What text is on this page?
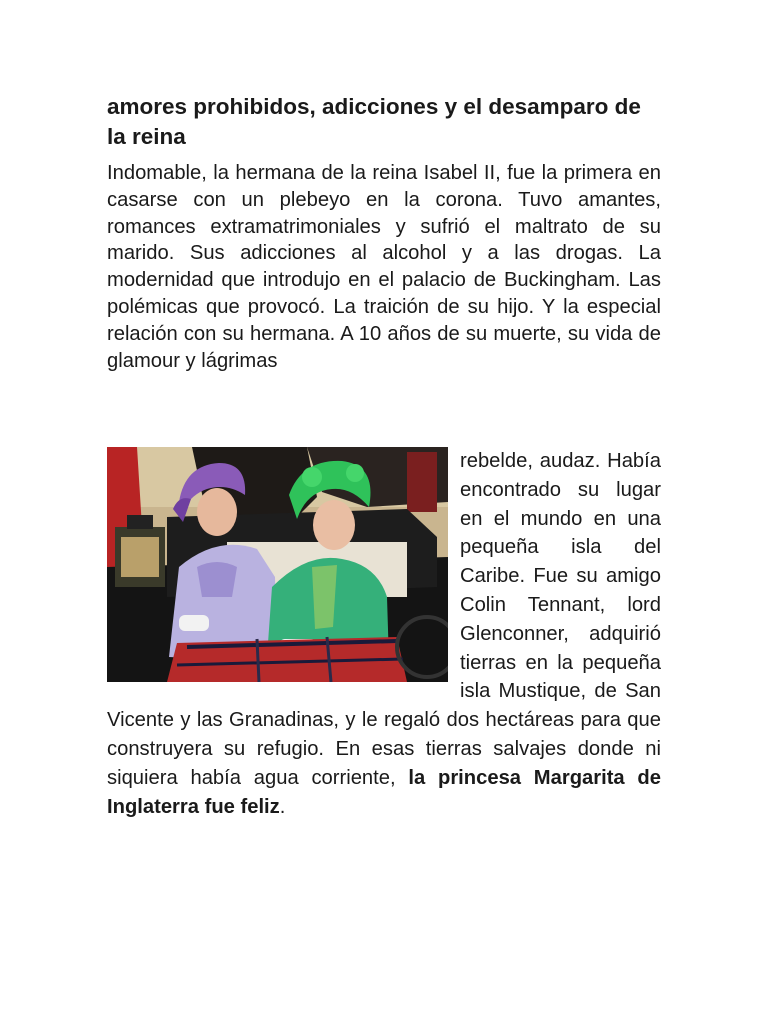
amores prohibidos, adicciones y el desamparo de la reina

Indomable, la hermana de la reina Isabel II, fue la primera en casarse con un plebeyo en la corona. Tuvo amantes, romances extramatrimoniales y sufrió el maltrato de su marido. Sus adicciones al alcohol y a las drogas. La modernidad que introdujo en el palacio de Buckingham. Las polémicas que provocó. La traición de su hijo. Y la especial relación con su hermana. A 10 años de su muerte, su vida de glamour y lágrimas

rebelde, audaz. Había encontrado su lugar en el mundo en una pequeña isla del Caribe. Fue su amigo Colin Tennant, lord Glenconner, adquirió tierras en la pequeña isla Mustique, de San Vicente y las Granadinas, y le regaló dos hectáreas para que construyera su refugio. En esas tierras salvajes donde ni siquiera había agua corriente, la princesa Margarita de Inglaterra fue feliz.
